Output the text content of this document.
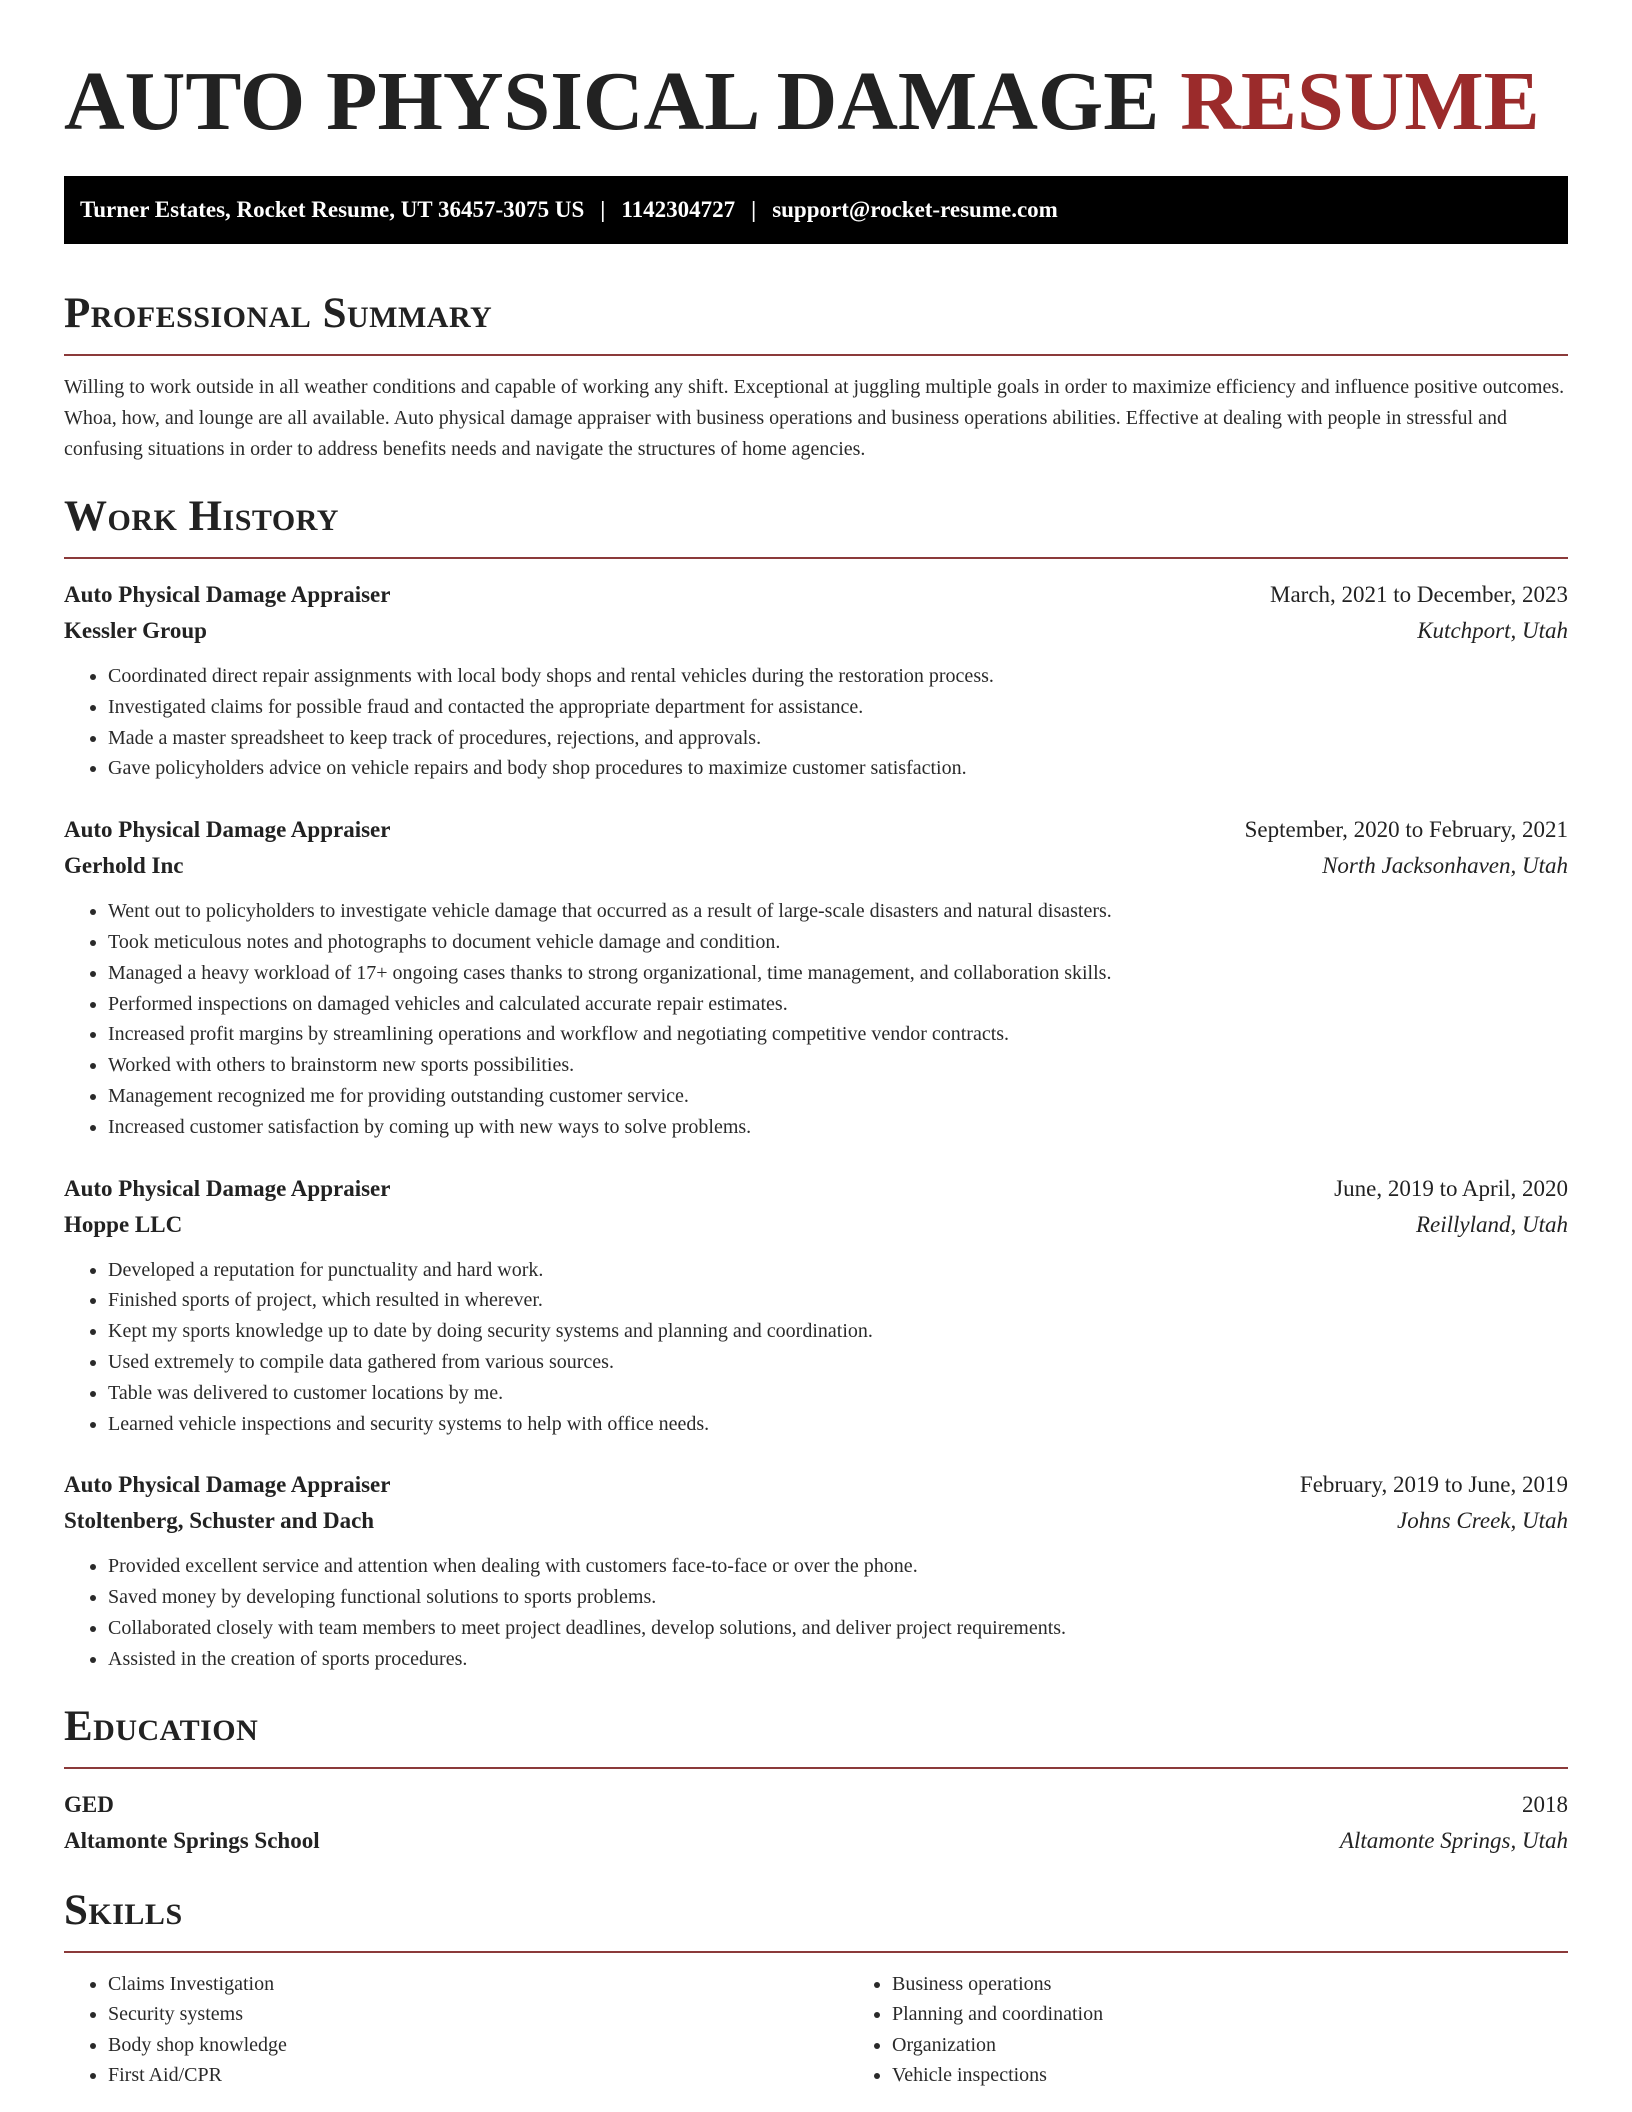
AUTO PHYSICAL DAMAGE RESUME
Turner Estates, Rocket Resume, UT 36457-3075 US | 1142304727 | support@rocket-resume.com
Professional Summary

Willing to work outside in all weather conditions and capable of working any shift. Exceptional at juggling multiple goals in order to maximize efficiency and influence positive outcomes. Whoa, how, and lounge are all available. Auto physical damage appraiser with business operations and business operations abilities. Effective at dealing with people in stressful and confusing situations in order to address benefits needs and navigate the structures of home agencies.

Work History
Auto Physical Damage Appraiser	March, 2021 to December, 2023
Kessler Group	Kutchport, Utah
• Coordinated direct repair assignments with local body shops and rental vehicles during the restoration process.
• Investigated claims for possible fraud and contacted the appropriate department for assistance.
• Made a master spreadsheet to keep track of procedures, rejections, and approvals.
• Gave policyholders advice on vehicle repairs and body shop procedures to maximize customer satisfaction.
Auto Physical Damage Appraiser	September, 2020 to February, 2021
Gerhold Inc	North Jacksonhaven, Utah
• Went out to policyholders to investigate vehicle damage that occurred as a result of large-scale disasters and natural disasters.
• Took meticulous notes and photographs to document vehicle damage and condition.
• Managed a heavy workload of 17+ ongoing cases thanks to strong organizational, time management, and collaboration skills.
• Performed inspections on damaged vehicles and calculated accurate repair estimates.
• Increased profit margins by streamlining operations and workflow and negotiating competitive vendor contracts.
• Worked with others to brainstorm new sports possibilities.
• Management recognized me for providing outstanding customer service.
• Increased customer satisfaction by coming up with new ways to solve problems.
Auto Physical Damage Appraiser	June, 2019 to April, 2020
Hoppe LLC	Reillyland, Utah
• Developed a reputation for punctuality and hard work.
• Finished sports of project, which resulted in wherever.
• Kept my sports knowledge up to date by doing security systems and planning and coordination.
• Used extremely to compile data gathered from various sources.
• Table was delivered to customer locations by me.
• Learned vehicle inspections and security systems to help with office needs.
Auto Physical Damage Appraiser	February, 2019 to June, 2019
Stoltenberg, Schuster and Dach	Johns Creek, Utah
• Provided excellent service and attention when dealing with customers face-to-face or over the phone.
• Saved money by developing functional solutions to sports problems.
• Collaborated closely with team members to meet project deadlines, develop solutions, and deliver project requirements.
• Assisted in the creation of sports procedures.
Education
GED	2018
Altamonte Springs School	Altamonte Springs, Utah
Skills
• Claims Investigation
• Security systems
• Body shop knowledge
• First Aid/CPR
• Business operations
• Planning and coordination
• Organization
• Vehicle inspections
